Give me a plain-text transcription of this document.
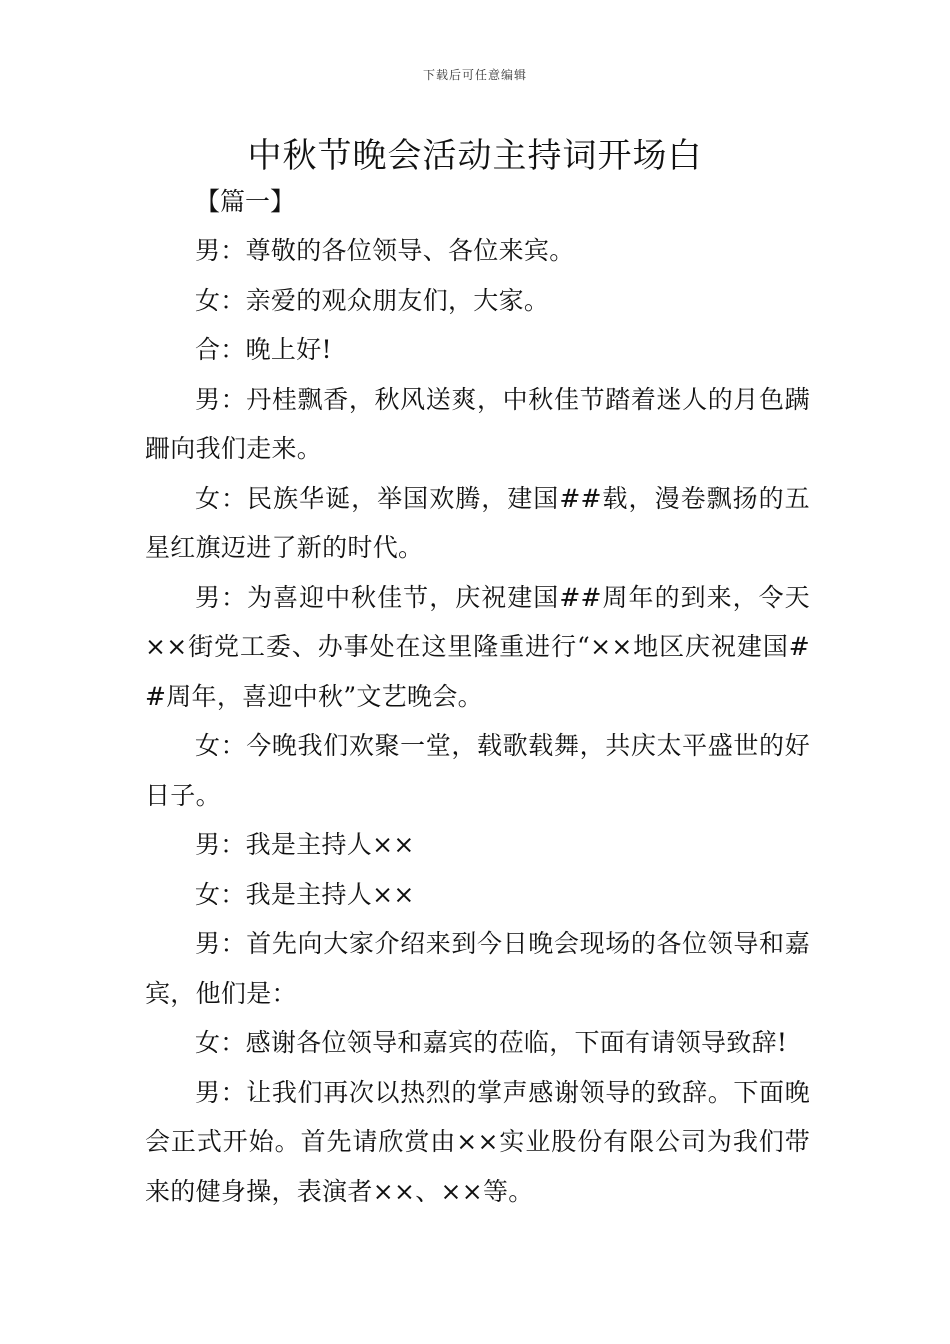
下载后可任意编辑
中秋节晚会活动主持词开场白
【篇一】

男：尊敬的各位领导、各位来宾。

女：亲爱的观众朋友们，大家。

合：晚上好!

男：丹桂飘香，秋风送爽，中秋佳节踏着迷人的月色蹒跚向我们走来。

女：民族华诞，举国欢腾，建国##载，漫卷飘扬的五星红旗迈进了新的时代。

男：为喜迎中秋佳节，庆祝建国##周年的到来，令天××街党工委、办事处在这里隆重进行“××地区庆祝建国##周年，喜迎中秋”文艺晚会。

女：今晚我们欢聚一堂，载歌载舞，共庆太平盛世的好日子。

男：我是主持人××

女：我是主持人××

男：首先向大家介绍来到今日晚会现场的各位领导和嘉宾，他们是：

女：感谢各位领导和嘉宾的莅临，下面有请领导致辞!

男：让我们再次以热烈的掌声感谢领导的致辞。下面晚会正式开始。首先请欣赏由××实业股份有限公司为我们带来的健身操，表演者××、××等。
